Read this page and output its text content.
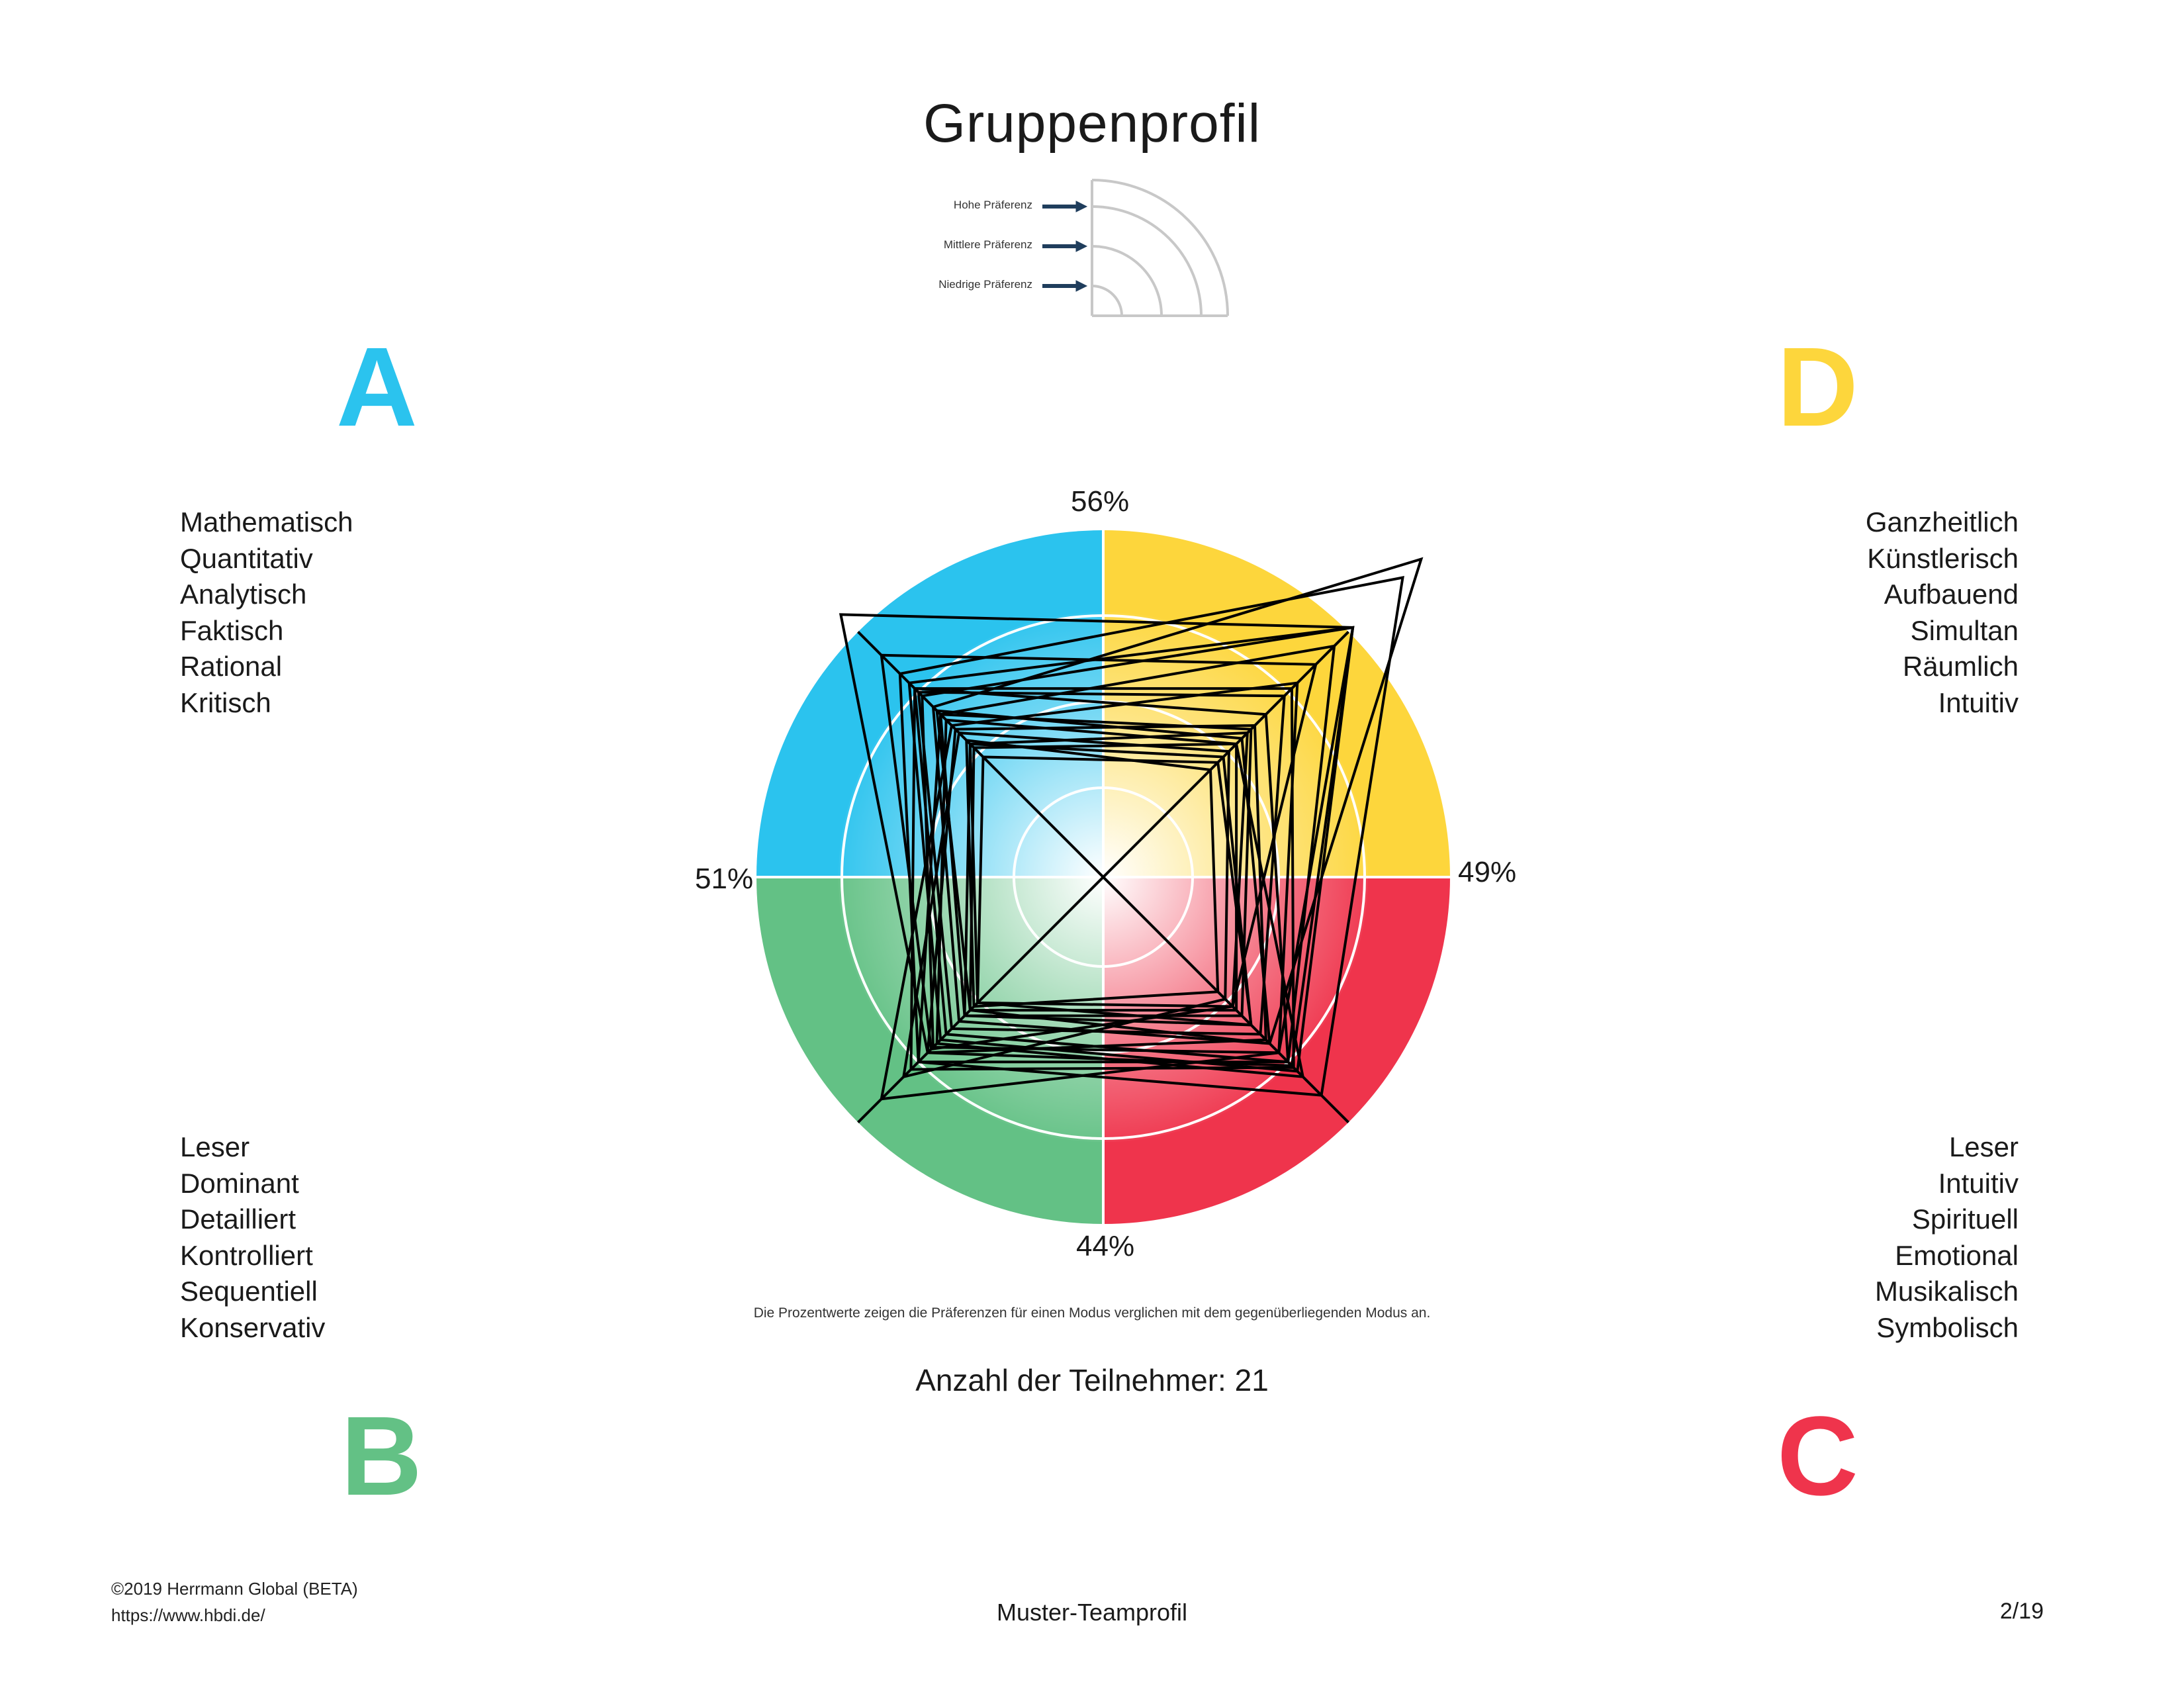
Gruppenprofil
Hohe Präferenz
Mittlere Präferenz
Niedrige Präferenz
A	D
B	C
Mathematisch
Quantitativ
Analytisch
Faktisch
Rational
Kritisch
Ganzheitlich
Künstlerisch
Aufbauend
Simultan
Räumlich
Intuitiv
Leser
Dominant
Detailliert
Kontrolliert
Sequentiell
Konservativ
Leser
Intuitiv
Spirituell
Emotional
Musikalisch
Symbolisch
56%
51%	49%
44%
Die Prozentwerte zeigen die Präferenzen für einen Modus verglichen mit dem gegenüberliegenden Modus an.
Anzahl der Teilnehmer: 21
©2019 Herrmann Global (BETA)
https://www.hbdi.de/	Muster-Teamprofil	2/19
